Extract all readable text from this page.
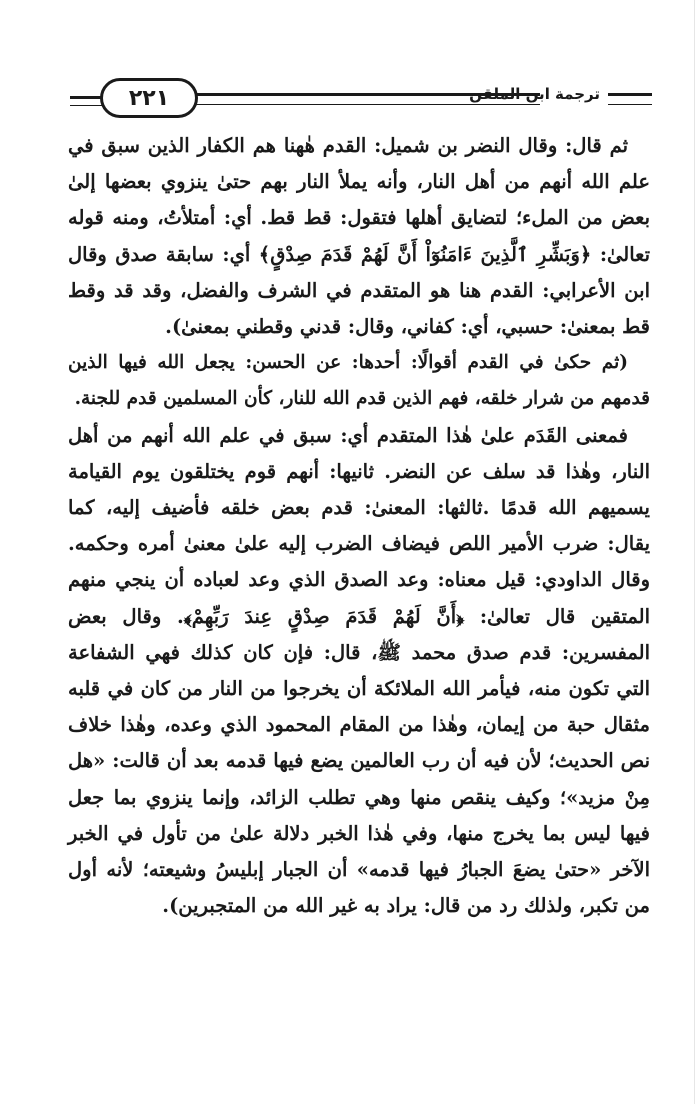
٢٢١	ترجمة ابن الملقن

ثم قال: وقال النضر بن شميل: القدم هٰهنا هم الكفار الذين سبق في علم الله أنهم من أهل النار، وأنه يملأ النار بهم حتىٰ ينزوي بعضها إلىٰ بعض من الملء؛ لتضايق أهلها فتقول: قط قط. أي: أمتلأتُ، ومنه قوله تعالىٰ: ﴿وَبَشِّرِ ٱلَّذِينَ ءَامَنُوٓاْ أَنَّ لَهُمْ قَدَمَ صِدْقٍ﴾ أي: سابقة صدق وقال ابن الأعرابي: القدم هنا هو المتقدم في الشرف والفضل، وقد قد وقط قط بمعنىٰ: حسبي، أي: كفاني، وقال: قدني وقطني بمعنىٰ).

(ثم حكىٰ في القدم أقوالًا: أحدها: عن الحسن: يجعل الله فيها الذين قدمهم من شرار خلقه، فهم الذين قدم الله للنار، كأن المسلمين قدم للجنة.

فمعنى القَدَم علىٰ هٰذا المتقدم أي: سبق في علم الله أنهم من أهل النار، وهٰذا قد سلف عن النضر. ثانيها: أنهم قوم يختلقون يوم القيامة يسميهم الله قدمًا .ثالثها: المعنىٰ: قدم بعض خلقه فأضيف إليه، كما يقال: ضرب الأمير اللص فيضاف الضرب إليه علىٰ معنىٰ أمره وحكمه. وقال الداودي: قيل معناه: وعد الصدق الذي وعد لعباده أن ينجي منهم المتقين قال تعالىٰ: ﴿أَنَّ لَهُمْ قَدَمَ صِدْقٍ عِندَ رَبِّهِمْ﴾. وقال بعض المفسرين: قدم صدق محمد ﷺ، قال: فإن كان كذلك فهي الشفاعة التي تكون منه، فيأمر الله الملائكة أن يخرجوا من النار من كان في قلبه مثقال حبة من إيمان، وهٰذا من المقام المحمود الذي وعده، وهٰذا خلاف نص الحديث؛ لأن فيه أن رب العالمين يضع فيها قدمه بعد أن قالت: «هل مِنْ مزيد»؛ وكيف ينقص منها وهي تطلب الزائد، وإنما ينزوي بما جعل فيها ليس بما يخرج منها، وفي هٰذا الخبر دلالة علىٰ من تأول في الخبر الآخر «حتىٰ يضعَ الجبارُ فيها قدمه» أن الجبار إبليسُ وشيعته؛ لأنه أول من تكبر، ولذلك رد من قال: يراد به غير الله من المتجبرين).
